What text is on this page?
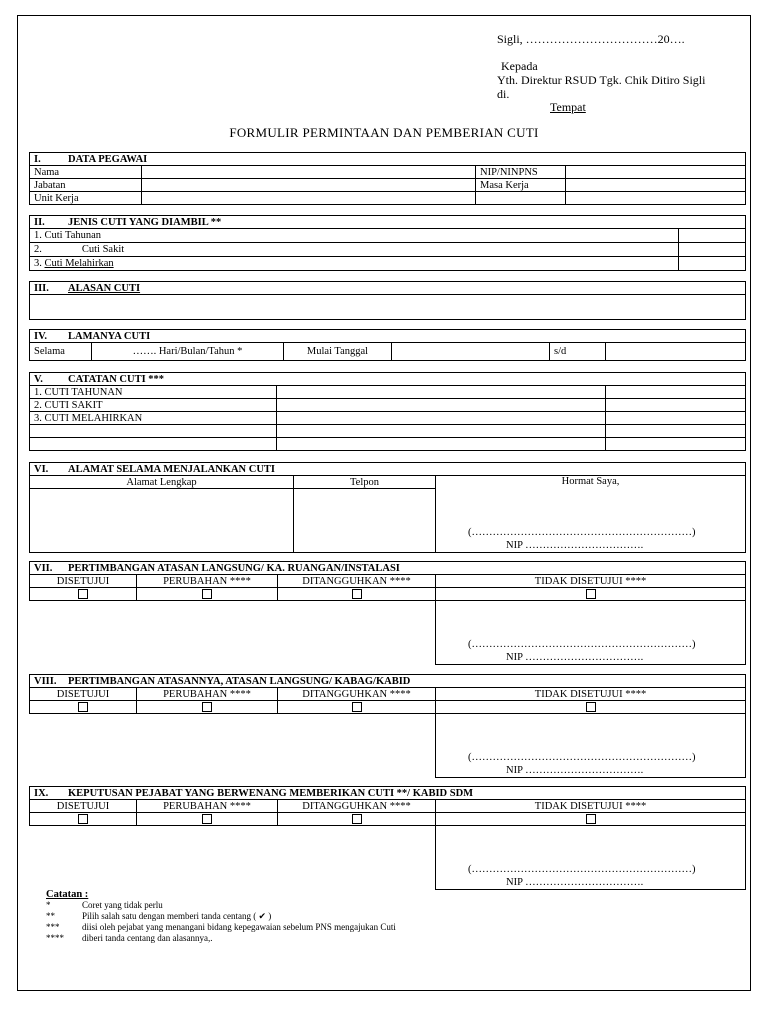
Sigli, ……………………………20….
Kepada
Yth. Direktur RSUD Tgk. Chik Ditiro Sigli
di.
Tempat
FORMULIR PERMINTAAN DAN PEMBERIAN CUTI
I. DATA PEGAWAI			
Nama		NIP/NINPNS	
Jabatan		Masa Kerja	
Unit Kerja			
II. JENIS CUTI YANG DIAMBIL **	
1. Cuti Tahunan	
2. Cuti Sakit	
3. Cuti Melahirkan	
III. ALASAN CUTI

IV. LAMANYA CUTI
Selama	……. Hari/Bulan/Tahun *	Mulai Tanggal		s/d	
V. CATATAN CUTI ***		
1. CUTI TAHUNAN		
2. CUTI SAKIT		
3. CUTI MELAHIRKAN		

VI. ALAMAT SELAMA MENJALANKAN CUTI		
Alamat Lengkap	Telpon	Hormat Saya,

(………………………………………………………)
NIP …………………………….
VII. PERTIMBANGAN ATASAN LANGSUNG/ KA. RUANGAN/INSTALASI			
DISETUJUI	PERUBAHAN ****	DITANGGUHKAN ****	TIDAK DISETUJUI ****

(………………………………………………………)
NIP …………………………….
VIII. PERTIMBANGAN ATASANNYA, ATASAN LANGSUNG/ KABAG/KABID			
DISETUJUI	PERUBAHAN ****	DITANGGUHKAN ****	TIDAK DISETUJUI ****

(………………………………………………………)
NIP …………………………….
IX. KEPUTUSAN PEJABAT YANG BERWENANG MEMBERIKAN CUTI **/ KABID SDM			
DISETUJUI	PERUBAHAN ****	DITANGGUHKAN ****	TIDAK DISETUJUI ****

(………………………………………………………)
NIP …………………………….
Catatan :
*	Coret yang tidak perlu
**	Pilih salah satu dengan memberi tanda centang ( ✔ )
***	diisi oleh pejabat yang menangani bidang kepegawaian sebelum PNS mengajukan Cuti
****	diberi tanda centang dan alasannya,.
